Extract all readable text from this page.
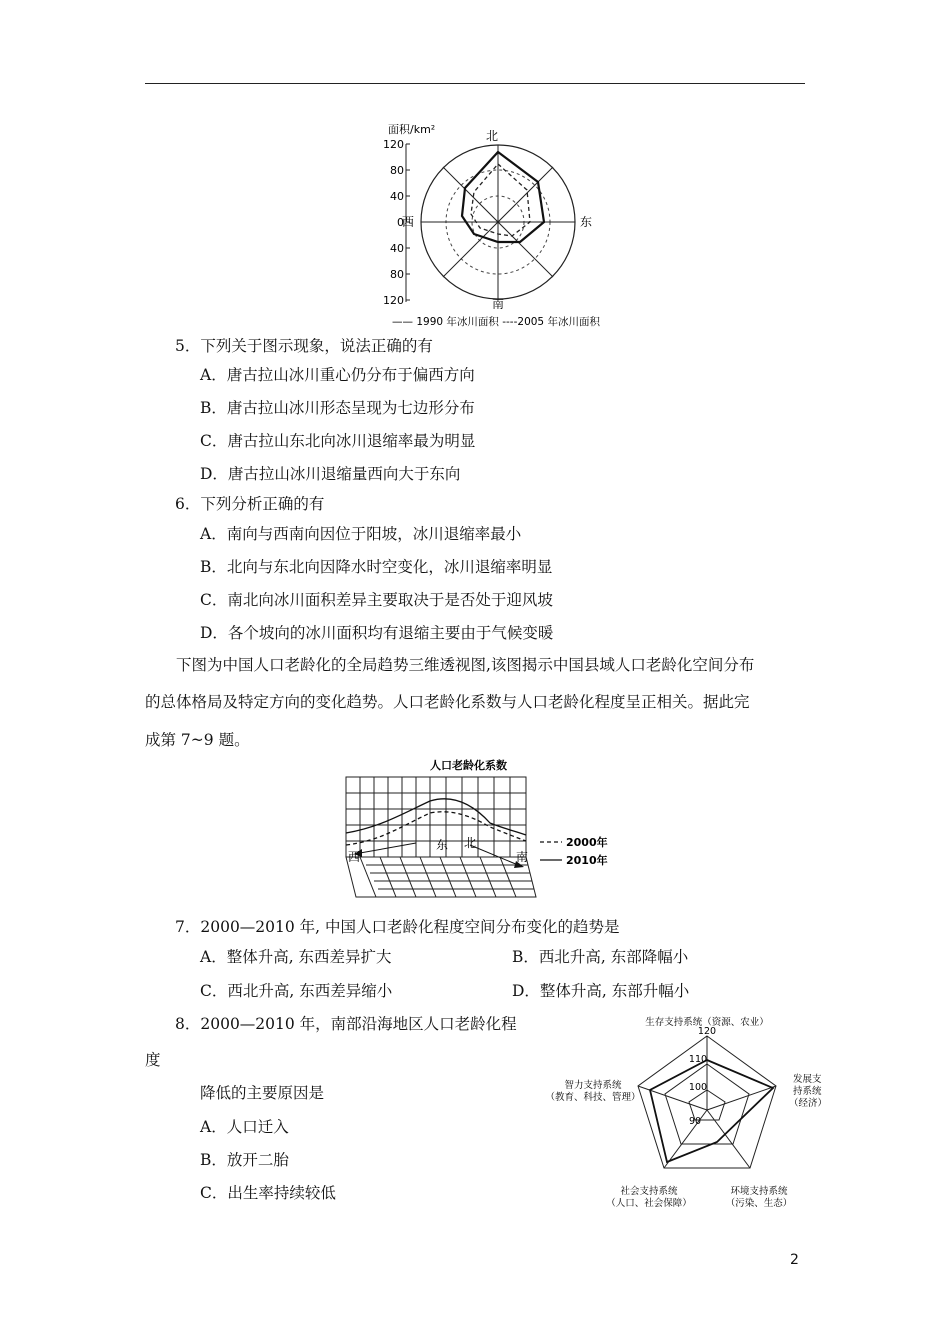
面积/km²	北
南
西	东
120
80
40
0
40
80
120
—— 1990 年冰川面积 ----2005 年冰川面积
5．下列关于图示现象，说法正确的有
A．唐古拉山冰川重心仍分布于偏西方向
B．唐古拉山冰川形态呈现为七边形分布
C．唐古拉山东北向冰川退缩率最为明显
D．唐古拉山冰川退缩量西向大于东向
6．下列分析正确的有
A．南向与西南向因位于阳坡，冰川退缩率最小
B．北向与东北向因降水时空变化，冰川退缩率明显
C．南北向冰川面积差异主要取决于是否处于迎风坡
D．各个坡向的冰川面积均有退缩主要由于气候变暖
下图为中国人口老龄化的全局趋势三维透视图,该图揭示中国县域人口老龄化空间分布
的总体格局及特定方向的变化趋势。人口老龄化系数与人口老龄化程度呈正相关。据此完
成第 7~9 题。
人口老龄化系数
西
东 北
南
2000年
2010年
7．2000—2010 年, 中国人口老龄化程度空间分布变化的趋势是
A．整体升高, 东西差异扩大	B．西北升高, 东部降幅小
C．西北升高, 东西差异缩小	D．整体升高, 东部升幅小
8．2000—2010 年，南部沿海地区人口老龄化程
度
降低的主要原因是
A．人口迁入
B．放开二胎
C．出生率持续较低
生存支持系统（资源、农业）
120
110
100
90
发展支
持系统
（经济）
智力支持系统
（教育、科技、管理）
社会支持系统
（人口、社会保障）
环境支持系统
（污染、生态）
2
